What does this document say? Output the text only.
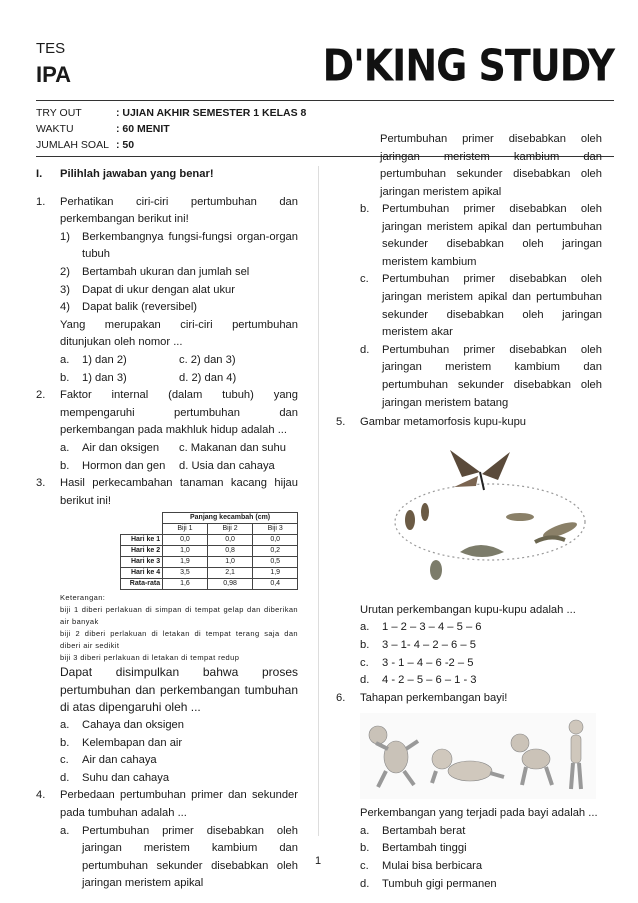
TES
IPA	D'KING STUDY
TRY OUT	: UJIAN AKHIR SEMESTER 1 KELAS 8
WAKTU	: 60 MENIT
JUMLAH SOAL : 50
I.	Pilihlah jawaban yang benar!
1.	Perhatikan ciri-ciri pertumbuhan dan perkembangan berikut ini!
1)	Berkembangnya fungsi-fungsi organ-organ tubuh
2)	Bertambah ukuran dan jumlah sel
3)	Dapat di ukur dengan alat ukur
4)	Dapat balik (reversibel)
Yang merupakan ciri-ciri pertumbuhan ditunjukan oleh nomor ...
a.	1) dan 2)	c. 2) dan 3)
b.	1) dan 3)	d. 2) dan 4)
2.	Faktor internal (dalam tubuh) yang mempengaruhi pertumbuhan dan perkembangan pada makhluk hidup adalah ...
a.	Air dan oksigen c. Makanan dan suhu
b.	Hormon dan gen d. Usia dan cahaya
3.	Hasil perkecambahan tanaman kacang hijau berikut ini!
	Panjang kecambah (cm)		
	Biji 1	Biji 2	Biji 3
Hari ke 1	0,0	0,0	0,0
Hari ke 2	1,0	0,8	0,2
Hari ke 3	1,9	1,0	0,5
Hari ke 4	3,5	2,1	1,9
Rata-rata	1,6	0,98	0,4
Keterangan:
biji 1 diberi perlakuan di simpan di tempat gelap dan diberikan air banyak
biji 2 diberi perlakuan di letakan di tempat terang saja dan diberi air sedikit
biji 3 diberi perlakuan di letakan di tempat redup
Dapat disimpulkan bahwa proses pertumbuhan dan perkembangan tumbuhan di atas dipengaruhi oleh ...
a.	Cahaya dan oksigen
b.	Kelembapan dan air
c.	Air dan cahaya
d.	Suhu dan cahaya
4.	Perbedaan pertumbuhan primer dan sekunder pada tumbuhan adalah ...
a.	Pertumbuhan primer disebabkan oleh jaringan meristem kambium dan pertumbuhan sekunder disebabkan oleh jaringan meristem apikal
Pertumbuhan primer disebabkan oleh jaringan meristem kambium dan pertumbuhan sekunder disebabkan oleh jaringan meristem apikal
b.	Pertumbuhan primer disebabkan oleh jaringan meristem apikal dan pertumbuhan sekunder disebabkan oleh jaringan meristem kambium
c.	Pertumbuhan primer disebabkan oleh jaringan meristem apikal dan pertumbuhan sekunder disebabkan oleh jaringan meristem akar
d.	Pertumbuhan primer disebabkan oleh jaringan meristem kambium dan pertumbuhan sekunder disebabkan oleh jaringan meristem batang
5.	Gambar metamorfosis kupu-kupu
Urutan perkembangan kupu-kupu adalah ...
a.	1 – 2 – 3 – 4 – 5 – 6
b.	3 – 1- 4 – 2 – 6 – 5
c.	3 - 1 – 4 – 6 -2 – 5
d.	4 - 2 – 5 – 6 – 1 - 3
6.	Tahapan perkembangan bayi!
Perkembangan yang terjadi pada bayi adalah ...
a.	Bertambah berat
b.	Bertambah tinggi
c.	Mulai bisa berbicara
d.	Tumbuh gigi permanen
1
